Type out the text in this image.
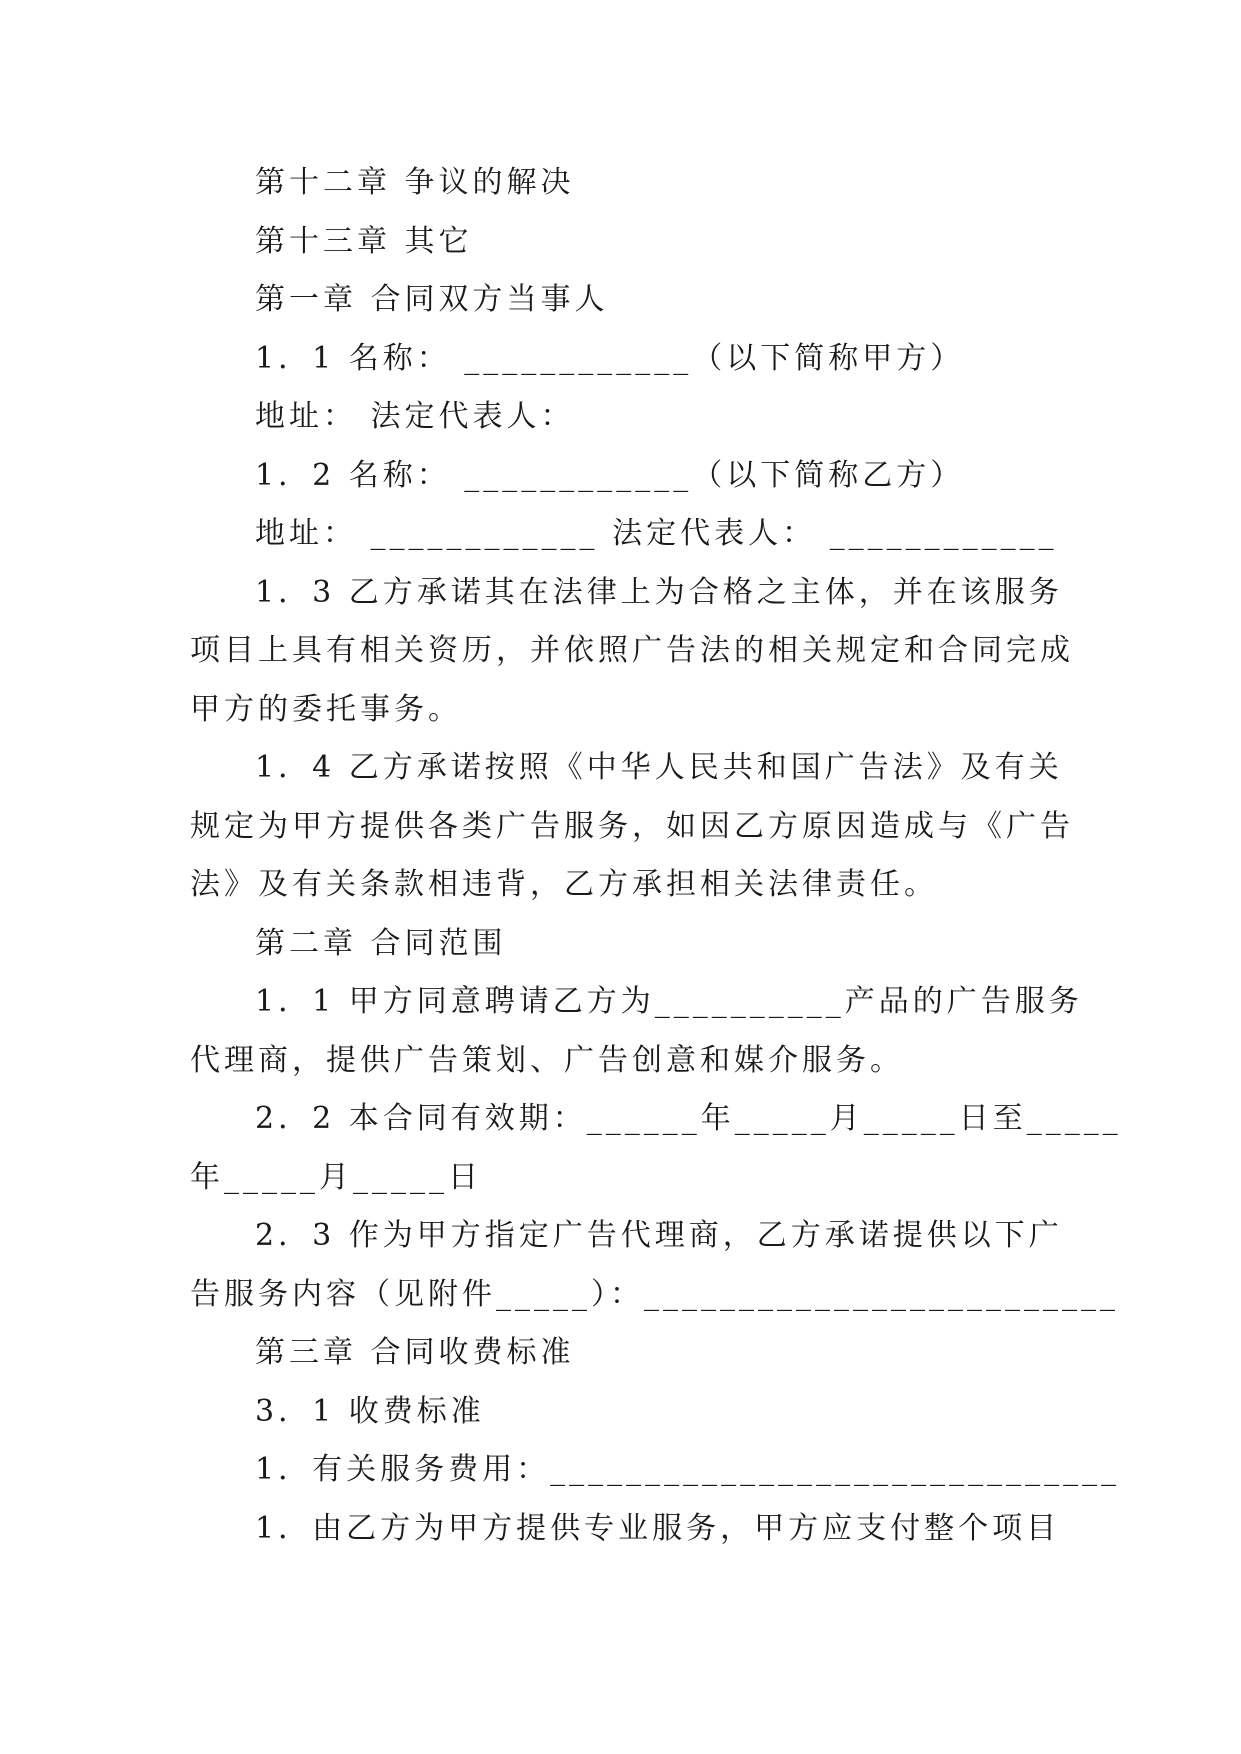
第十二章 争议的解决

第十三章 其它

第一章 合同双方当事人

1．1 名称： ____________（以下简称甲方）

地址： 法定代表人：

1．2 名称： ____________（以下简称乙方）

地址： ____________ 法定代表人： ____________

1．3 乙方承诺其在法律上为合格之主体，并在该服务

项目上具有相关资历，并依照广告法的相关规定和合同完成

甲方的委托事务。

1．4 乙方承诺按照《中华人民共和国广告法》及有关

规定为甲方提供各类广告服务，如因乙方原因造成与《广告

法》及有关条款相违背，乙方承担相关法律责任。

第二章 合同范围

1．1 甲方同意聘请乙方为__________产品的广告服务

代理商，提供广告策划、广告创意和媒介服务。

2．2 本合同有效期：______年_____月_____日至_____

年_____月_____日

2．3 作为甲方指定广告代理商，乙方承诺提供以下广

告服务内容（见附件_____）：_________________________

第三章 合同收费标准

3．1 收费标准

1．有关服务费用：______________________________

1．由乙方为甲方提供专业服务，甲方应支付整个项目
